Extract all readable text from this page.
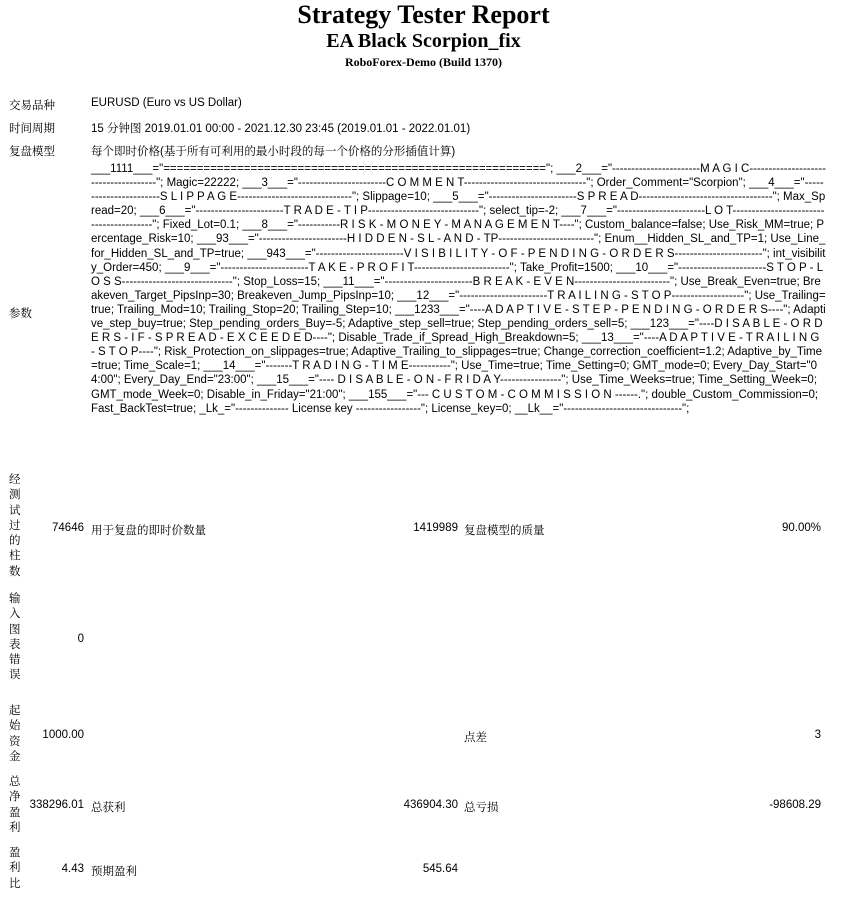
Strategy Tester Report
EA Black Scorpion_fix
RoboForex-Demo (Build 1370)
交易品种	EURUSD (Euro vs US Dollar)
时间周期	15 分钟图 2019.01.01 00:00 - 2021.12.30 23:45 (2019.01.01 - 2022.01.01)
复盘模型	每个即时价格(基于所有可利用的最小时段的每一个价格的分形插值计算)
参数
___1111___="========================================================="; ___2___="-----------------------M A G I C-------------------------------------"; Magic=22222; ___3___="-----------------------C O M M E N T--------------------------------"; Order_Comment="Scorpion"; ___4___="-----------------------S L I P P A G E------------------------------"; Slippage=10; ___5___="-----------------------S P R E A D-----------------------------------"; Max_Spread=20; ___6___="-----------------------T R A D E - T I P-----------------------------"; select_tip=-2; ___7___="-----------------------L O T----------------------------------------"; Fixed_Lot=0.1; ___8___="-----------R I S K - M O N E Y - M A N A G E M E N T----"; Custom_balance=false; Use_Risk_MM=true; Percentage_Risk=10; ___93___="-----------------------H I D D E N - S L - A N D - TP-------------------------"; Enum__Hidden_SL_and_TP=1; Use_Line_for_Hidden_SL_and_TP=true; ___943___="-----------------------V I S I B I L I T Y - O F - P E N D I N G - O R D E R S-----------------------"; int_visibility_Order=450; ___9___="-----------------------T A K E - P R O F I T-------------------------"; Take_Profit=1500; ___10___="-----------------------S T O P - L O S S-----------------------------"; Stop_Loss=15; ___11___="-----------------------B R E A K - E V E N-------------------------"; Use_Break_Even=true; Breakeven_Target_PipsInp=30; Breakeven_Jump_PipsInp=10; ___12___="-----------------------T R A I L I N G - S T O P-------------------"; Use_Trailing=true; Trailing_Mod=10; Trailing_Stop=20; Trailing_Step=10; ___1233___="----A D A P T I V E - S T E P - P E N D I N G - O R D E R S----"; Adaptive_step_buy=true; Step_pending_orders_Buy=-5; Adaptive_step_sell=true; Step_pending_orders_sell=5; ___123___="----D I S A B L E - O R D E R S - I F - S P R E A D - E X C E E D E D----"; Disable_Trade_if_Spread_High_Breakdown=5; ___13___="----A D A P T I V E - T R A I L I N G - S T O P----"; Risk_Protection_on_slippages=true; Adaptive_Trailing_to_slippages=true; Change_correction_coefficient=1.2; Adaptive_by_Time=true; Time_Scale=1; ___14___="-------T R A D I N G - T I M E-----------"; Use_Time=true; Time_Setting=0; GMT_mode=0; Every_Day_Start="04:00"; Every_Day_End="23:00"; ___15___="---- D I S A B L E - O N - F R I D A Y----------------"; Use_Time_Weeks=true; Time_Setting_Week=0; GMT_mode_Week=0; Disable_in_Friday="21:00"; ___155___="--- C U S T O M - C O M M I S S I O N ------."; double_Custom_Commission=0; Fast_BackTest=true; _Lk_="-------------- License key -----------------"; License_key=0; __Lk__="-------------------------------";
经测试过的柱数
74646 用于复盘的即时价数量	1419989 复盘模型的质量	90.00%
输入图表错误
0
起始资金
1000.00	点差	3
总净盈利
338296.01 总获利	436904.30 总亏损	-98608.29
盈利比
4.43 预期盈利	545.64
